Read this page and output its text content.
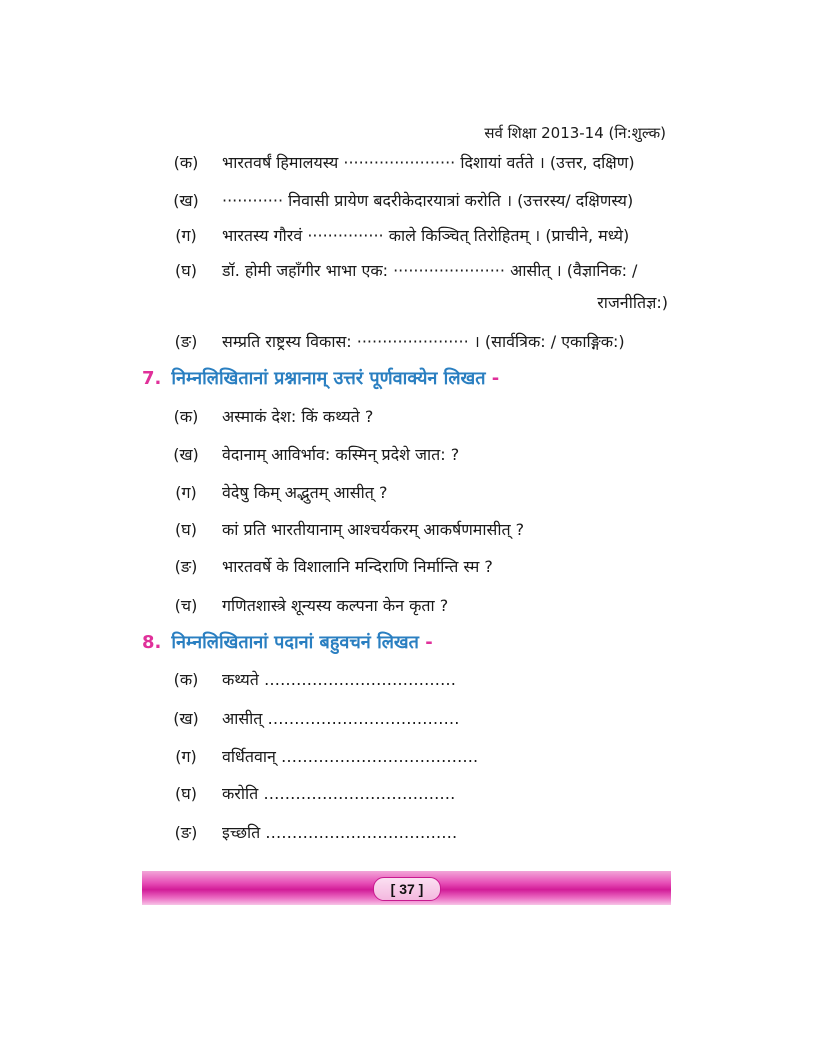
सर्व शिक्षा 2013-14 (नि:शुल्क)
(क)	भारतवर्षं हिमालयस्य ······················ दिशायां वर्तते । (उत्तर, दक्षिण)
(ख)	············ निवासी प्रायेण बदरीकेदारयात्रां करोति । (उत्तरस्य/ दक्षिणस्य)
(ग)	भारतस्य गौरवं ··············· काले किञ्चित् तिरोहितम् । (प्राचीने, मध्ये)
(घ)	डॉ. होमी जहाँगीर भाभा एक: ······················ आसीत् । (वैज्ञानिक: /
राजनीतिज्ञ:)
(ङ)	सम्प्रति राष्ट्रस्य विकास: ······················ । (सार्वत्रिक: / एकाङ्गिक:)
7. निम्नलिखितानां प्रश्नानाम् उत्तरं पूर्णवाक्येन लिखत -
(क)	अस्माकं देश: किं कथ्यते ?
(ख)	वेदानाम् आविर्भाव: कस्मिन् प्रदेशे जात: ?
(ग)	वेदेषु किम् अद्भुतम् आसीत् ?
(घ)	कां प्रति भारतीयानाम् आश्चर्यकरम् आकर्षणमासीत् ?
(ङ)	भारतवर्षे के विशालानि मन्दिराणि निर्मान्ति स्म ?
(च)	गणितशास्त्रे शून्यस्य कल्पना केन कृता ?
8. निम्नलिखितानां पदानां बहुवचनं लिखत -
(क)	कथ्यते ………………………………
(ख)	आसीत् ………………………………
(ग)	वर्धितवान् ……………………………….
(घ)	करोति ………………………………
(ङ)	इच्छति ………………………………
[ 37 ]
